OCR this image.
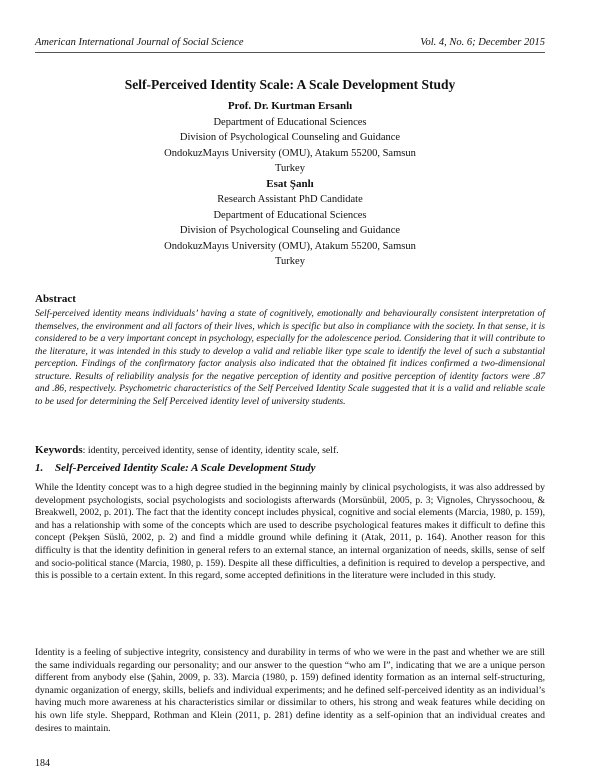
American International Journal of Social Science	Vol. 4, No. 6; December 2015
Self-Perceived Identity Scale: A Scale Development Study
Prof. Dr. Kurtman Ersanlı
Department of Educational Sciences
Division of Psychological Counseling and Guidance
OndokuzMayıs University (OMU), Atakum 55200, Samsun
Turkey
Esat Şanlı
Research Assistant PhD Candidate
Department of Educational Sciences
Division of Psychological Counseling and Guidance
OndokuzMayıs University (OMU), Atakum 55200, Samsun
Turkey
Abstract
Self-perceived identity means individuals’ having a state of cognitively, emotionally and behaviourally consistent interpretation of themselves, the environment and all factors of their lives, which is specific but also in compliance with the society. In that sense, it is considered to be a very important concept in psychology, especially for the adolescence period. Considering that it will contribute to the literature, it was intended in this study to develop a valid and reliable liker type scale to identify the level of such a substantial perception. Findings of the confirmatory factor analysis also indicated that the obtained fit indices confirmed a two-dimensional structure. Results of reliability analysis for the negative perception of identity and positive perception of identity factors were .87 and .86, respectively. Psychometric characteristics of the Self Perceived Identity Scale suggested that it is a valid and reliable scale to be used for determining the Self Perceived identity level of university students.
Keywords: identity, perceived identity, sense of identity, identity scale, self.
1. Self-Perceived Identity Scale: A Scale Development Study
While the Identity concept was to a high degree studied in the beginning mainly by clinical psychologists, it was also addressed by development psychologists, social psychologists and sociologists afterwards (Morsünbül, 2005, p. 3; Vignoles, Chryssochoou, & Breakwell, 2002, p. 201). The fact that the identity concept includes physical, cognitive and social elements (Marcia, 1980, p. 159), and has a relationship with some of the concepts which are used to describe psychological features makes it difficult to define this concept (Pekşen Süslü, 2002, p. 2) and find a middle ground while defining it (Atak, 2011, p. 164). Another reason for this difficulty is that the identity definition in general refers to an external stance, an internal organization of needs, skills, sense of self and socio-political stance (Marcia, 1980, p. 159). Despite all these difficulties, a definition is required to develop a perspective, and this is possible to a certain extent. In this regard, some accepted definitions in the literature were included in this study.
Identity is a feeling of subjective integrity, consistency and durability in terms of who we were in the past and whether we are still the same individuals regarding our personality; and our answer to the question “who am I”, indicating that we are a unique person different from anybody else (Şahin, 2009, p. 33). Marcia (1980, p. 159) defined identity formation as an internal self-structuring, dynamic organization of energy, skills, beliefs and individual experiments; and he defined self-perceived identity as an individual’s having much more awareness at his characteristics similar or dissimilar to others, his strong and weak features while deciding on his own life style. Sheppard, Rothman and Klein (2011, p. 281) define identity as a self-opinion that an individual creates and desires to maintain.
184
